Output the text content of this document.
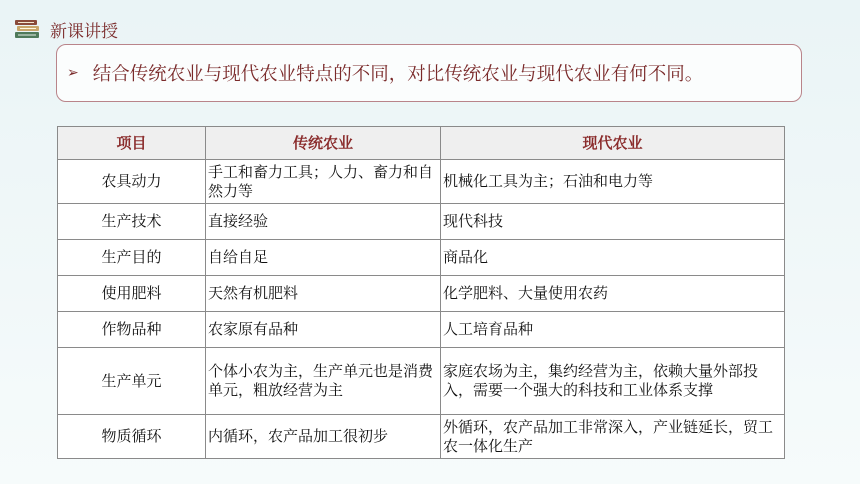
新课讲授
➢ 结合传统农业与现代农业特点的不同，对比传统农业与现代农业有何不同。
项目	传统农业	现代农业
农具动力	手工和畜力工具；人力、畜力和自然力等	机械化工具为主；石油和电力等
生产技术	直接经验	现代科技
生产目的	自给自足	商品化
使用肥料	天然有机肥料	化学肥料、大量使用农药
作物品种	农家原有品种	人工培育品种
生产单元	个体小农为主，生产单元也是消费单元，粗放经营为主	家庭农场为主，集约经营为主，依赖大量外部投入，需要一个强大的科技和工业体系支撑
物质循环	内循环，农产品加工很初步	外循环，农产品加工非常深入，产业链延长，贸工农一体化生产
